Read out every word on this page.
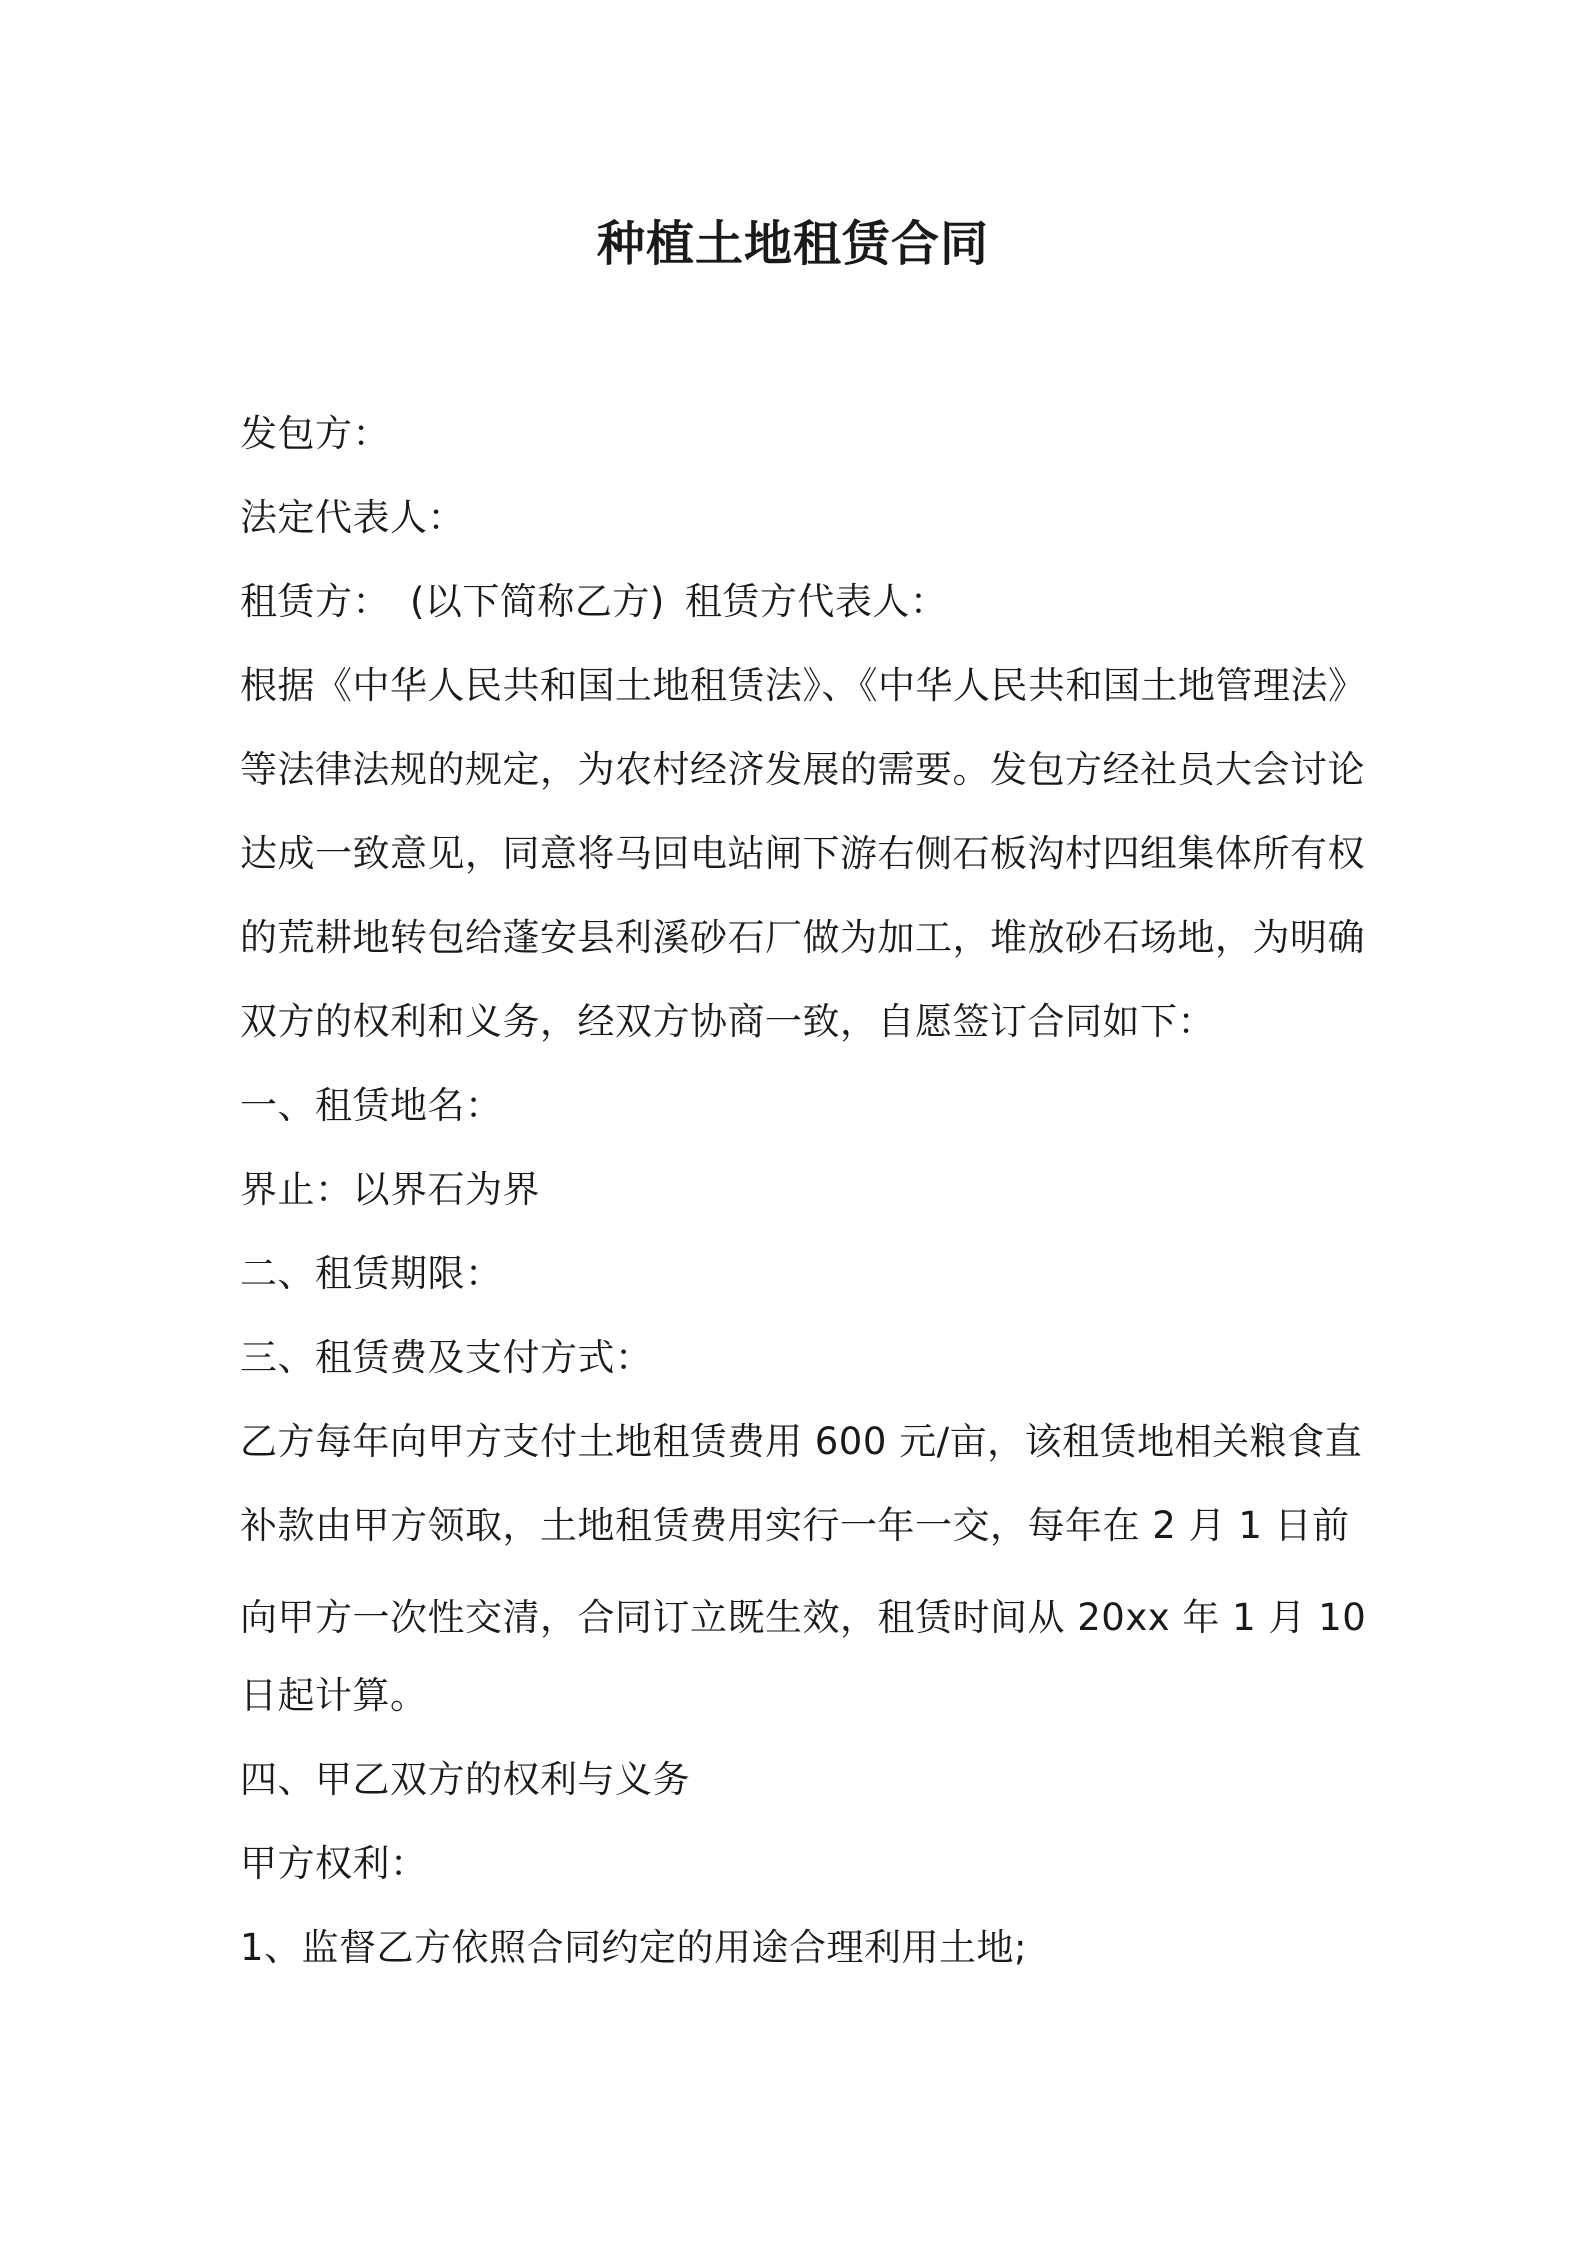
种植土地租赁合同

发包方：

法定代表人：

租赁方： (以下简称乙方) 租赁方代表人：

根据《中华人民共和国土地租赁法》、《中华人民共和国土地管理法》

等法律法规的规定，为农村经济发展的需要。发包方经社员大会讨论

达成一致意见，同意将马回电站闸下游右侧石板沟村四组集体所有权

的荒耕地转包给蓬安县利溪砂石厂做为加工，堆放砂石场地，为明确

双方的权利和义务，经双方协商一致，自愿签订合同如下：

一、租赁地名：

界止：以界石为界

二、租赁期限：

三、租赁费及支付方式：

乙方每年向甲方支付土地租赁费用 600 元/亩，该租赁地相关粮食直

补款由甲方领取，土地租赁费用实行一年一交，每年在 2 月 1 日前

向甲方一次性交清，合同订立既生效，租赁时间从 20xx 年 1 月 10

日起计算。

四、甲乙双方的权利与义务

甲方权利：

1、监督乙方依照合同约定的用途合理利用土地;
